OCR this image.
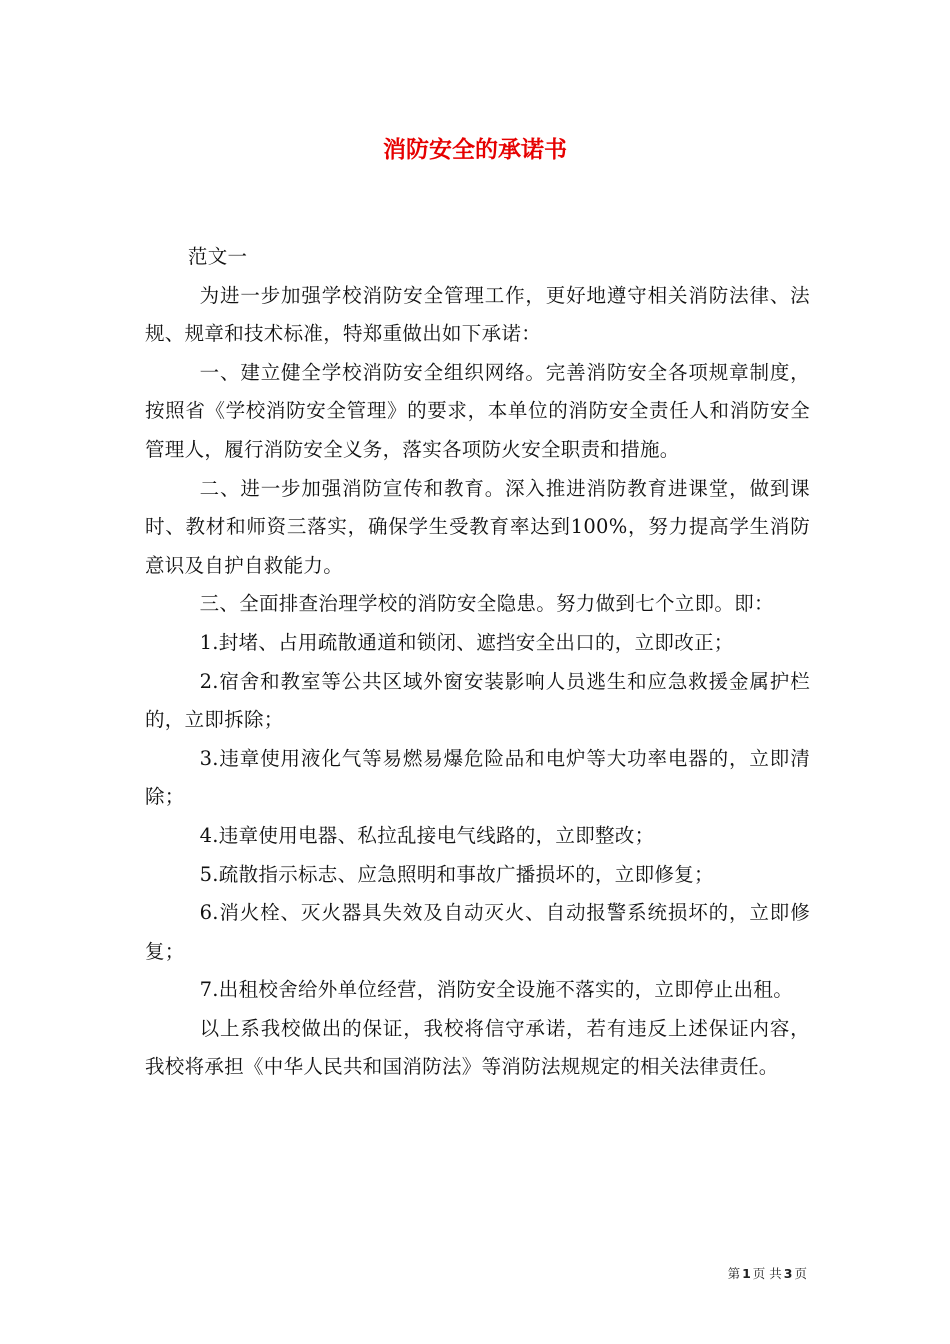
消防安全的承诺书

范文一

为进一步加强学校消防安全管理工作，更好地遵守相关消防法律、法规、规章和技术标准，特郑重做出如下承诺：

一、建立健全学校消防安全组织网络。完善消防安全各项规章制度，按照省《学校消防安全管理》的要求，本单位的消防安全责任人和消防安全管理人，履行消防安全义务，落实各项防火安全职责和措施。

二、进一步加强消防宣传和教育。深入推进消防教育进课堂，做到课时、教材和师资三落实，确保学生受教育率达到100%，努力提高学生消防意识及自护自救能力。

三、全面排查治理学校的消防安全隐患。努力做到七个立即。即：

1.封堵、占用疏散通道和锁闭、遮挡安全出口的，立即改正；

2.宿舍和教室等公共区域外窗安装影响人员逃生和应急救援金属护栏的，立即拆除；

3.违章使用液化气等易燃易爆危险品和电炉等大功率电器的，立即清除；

4.违章使用电器、私拉乱接电气线路的，立即整改；

5.疏散指示标志、应急照明和事故广播损坏的，立即修复；

6.消火栓、灭火器具失效及自动灭火、自动报警系统损坏的，立即修复；

7.出租校舍给外单位经营，消防安全设施不落实的，立即停止出租。

以上系我校做出的保证，我校将信守承诺，若有违反上述保证内容，我校将承担《中华人民共和国消防法》等消防法规规定的相关法律责任。

第 1 页 共 3 页
